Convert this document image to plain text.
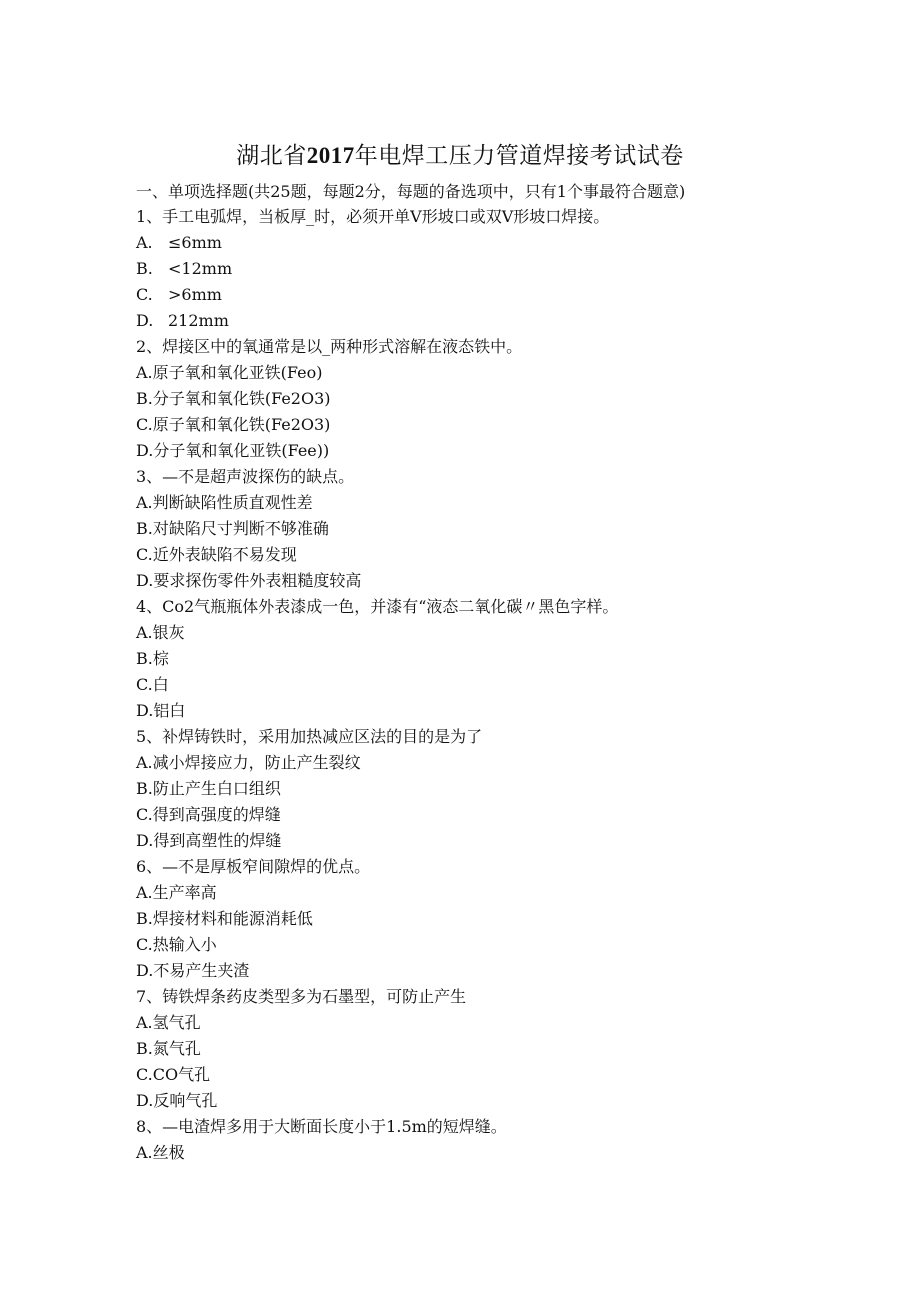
湖北省2017年电焊工压力管道焊接考试试卷

一、单项选择题(共25题，每题2分，每题的备选项中，只有1个事最符合题意)

1、手工电弧焊，当板厚_时，必须开单V形坡口或双V形坡口焊接。

A. ≤6mm

B. <12mm

C. >6mm

D. 212mm

2、焊接区中的氧通常是以_两种形式溶解在液态铁中。

A.原子氧和氧化亚铁(Feo)

B.分子氧和氧化铁(Fe2O3)

C.原子氧和氧化铁(Fe2O3)

D.分子氧和氧化亚铁(Fee))

3、—不是超声波探伤的缺点。

A.判断缺陷性质直观性差

B.对缺陷尺寸判断不够准确

C.近外表缺陷不易发现

D.要求探伤零件外表粗糙度较高

4、Co2气瓶瓶体外表漆成一色，并漆有“液态二氧化碳〃黑色字样。

A.银灰

B.棕

C.白

D.铝白

5、补焊铸铁时，采用加热减应区法的目的是为了

A.减小焊接应力，防止产生裂纹

B.防止产生白口组织

C.得到高强度的焊缝

D.得到高塑性的焊缝

6、—不是厚板窄间隙焊的优点。

A.生产率高

B.焊接材料和能源消耗低

C.热输入小

D.不易产生夹渣

7、铸铁焊条药皮类型多为石墨型，可防止产生

A.氢气孔

B.氮气孔

C.CO气孔

D.反响气孔

8、—电渣焊多用于大断面长度小于1.5m的短焊缝。

A.丝极
